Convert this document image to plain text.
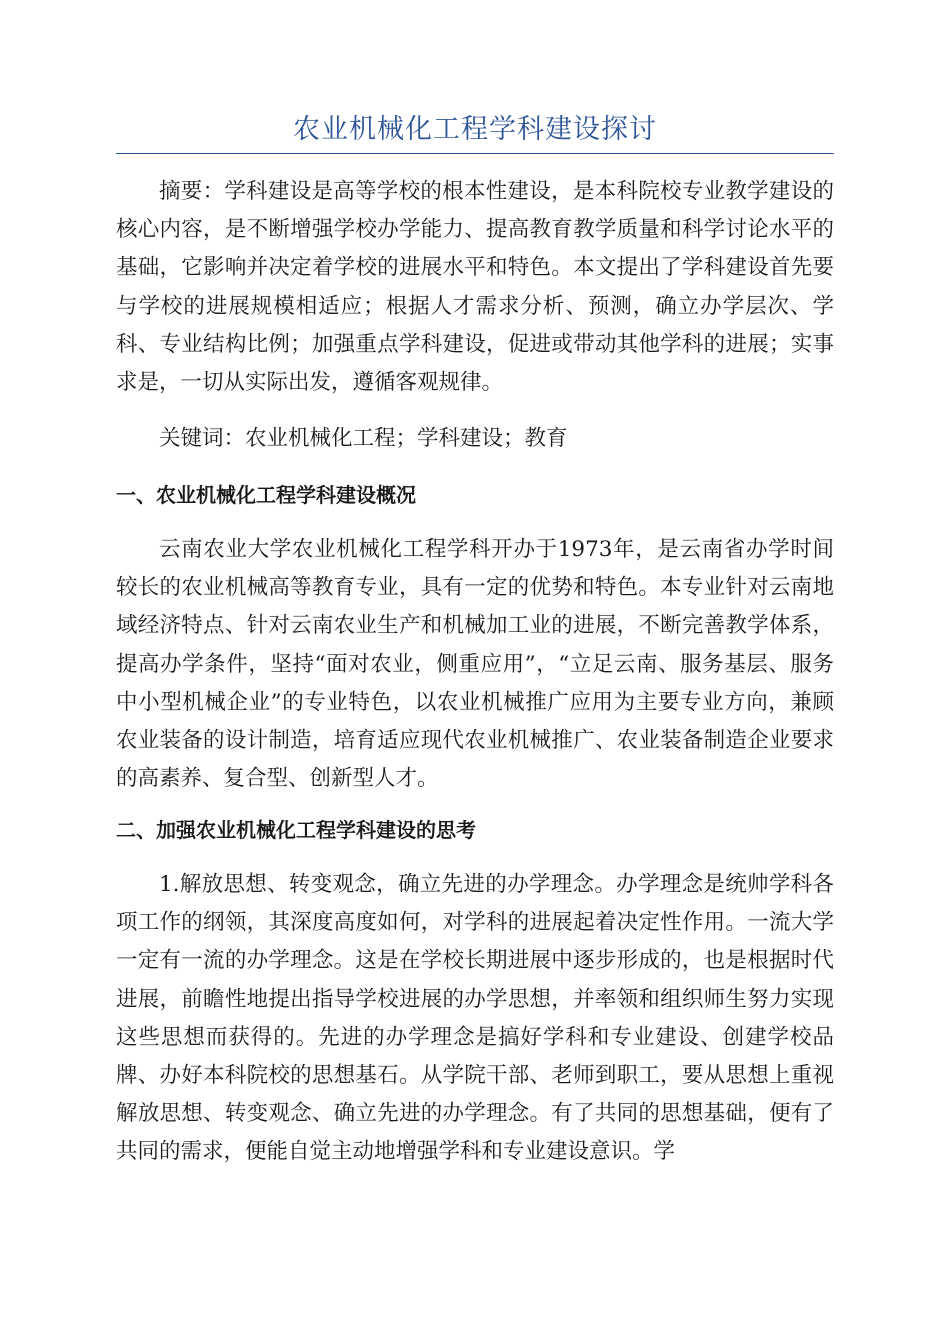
农业机械化工程学科建设探讨
摘要：学科建设是高等学校的根本性建设，是本科院校专业教学建设的核心内容，是不断增强学校办学能力、提高教育教学质量和科学讨论水平的基础，它影响并决定着学校的进展水平和特色。本文提出了学科建设首先要与学校的进展规模相适应；根据人才需求分析、预测，确立办学层次、学科、专业结构比例；加强重点学科建设，促进或带动其他学科的进展；实事求是，一切从实际出发，遵循客观规律。
关键词：农业机械化工程；学科建设；教育
一、农业机械化工程学科建设概况
云南农业大学农业机械化工程学科开办于1973年，是云南省办学时间较长的农业机械高等教育专业，具有一定的优势和特色。本专业针对云南地域经济特点、针对云南农业生产和机械加工业的进展，不断完善教学体系，提高办学条件，坚持“面对农业，侧重应用”，“立足云南、服务基层、服务中小型机械企业”的专业特色，以农业机械推广应用为主要专业方向，兼顾农业装备的设计制造，培育适应现代农业机械推广、农业装备制造企业要求的高素养、复合型、创新型人才。
二、加强农业机械化工程学科建设的思考
1.解放思想、转变观念，确立先进的办学理念。办学理念是统帅学科各项工作的纲领，其深度高度如何，对学科的进展起着决定性作用。一流大学一定有一流的办学理念。这是在学校长期进展中逐步形成的，也是根据时代进展，前瞻性地提出指导学校进展的办学思想，并率领和组织师生努力实现这些思想而获得的。先进的办学理念是搞好学科和专业建设、创建学校品牌、办好本科院校的思想基石。从学院干部、老师到职工，要从思想上重视解放思想、转变观念、确立先进的办学理念。有了共同的思想基础，便有了共同的需求，便能自觉主动地增强学科和专业建设意识。学
